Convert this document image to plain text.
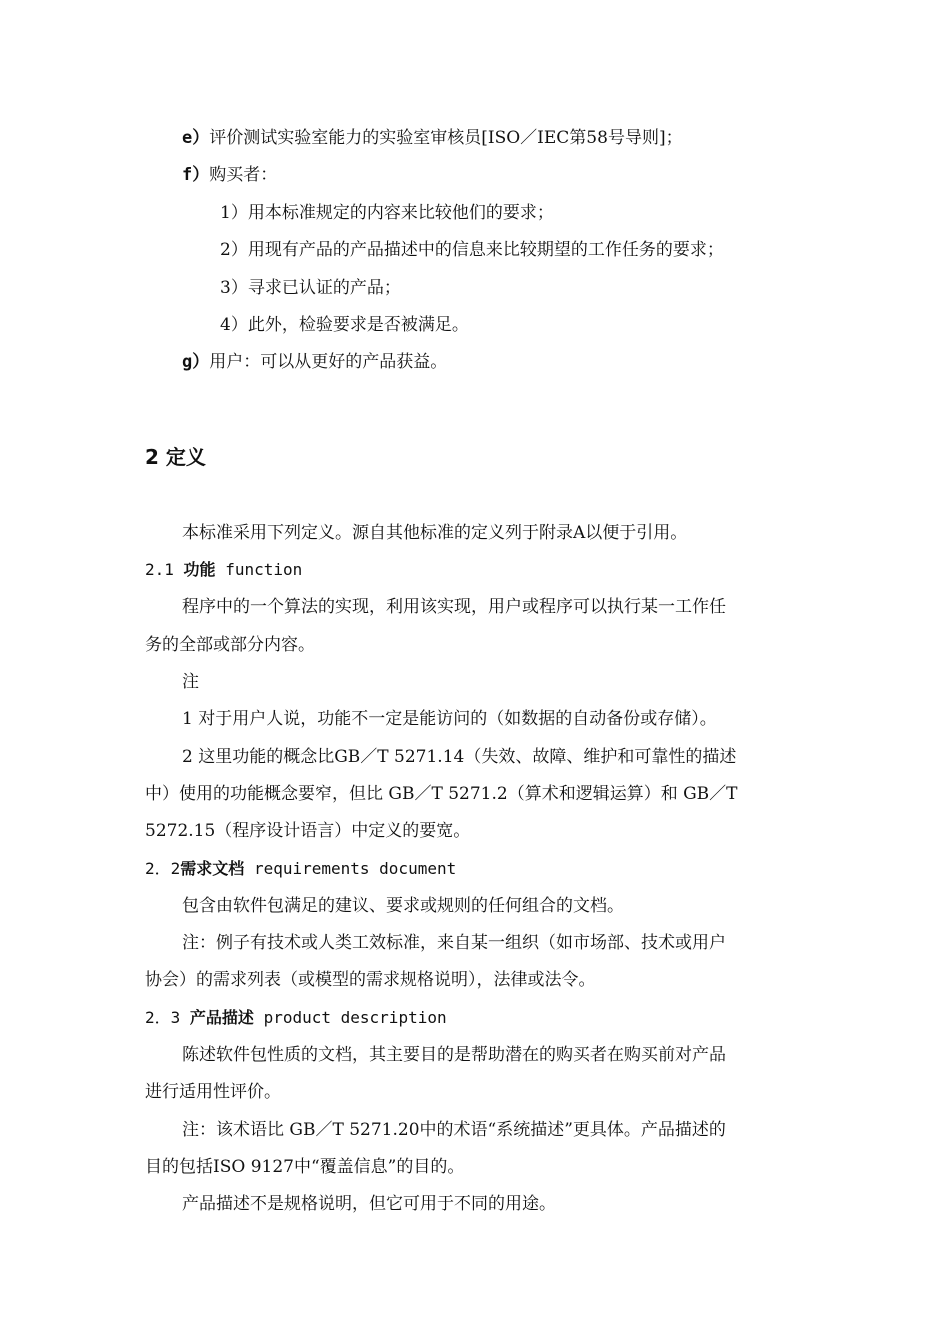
e）评价测试实验室能力的实验室审核员[ISO／IEC第58号导则]；
f）购买者：
1）用本标准规定的内容来比较他们的要求；
2）用现有产品的产品描述中的信息来比较期望的工作任务的要求；
3）寻求已认证的产品；
4）此外，检验要求是否被满足。
g）用户：可以从更好的产品获益。
2 定义
本标准采用下列定义。源自其他标准的定义列于附录A以便于引用。
2.1 功能 function
程序中的一个算法的实现，利用该实现，用户或程序可以执行某一工作任
务的全部或部分内容。
注
1 对于用户人说，功能不一定是能访问的（如数据的自动备份或存储）。
2 这里功能的概念比GB／T 5271.14（失效、故障、维护和可靠性的描述
中）使用的功能概念要窄，但比 GB／T 5271.2（算术和逻辑运算）和 GB／T
5272.15（程序设计语言）中定义的要宽。
2．2需求文档 requirements document
包含由软件包满足的建议、要求或规则的任何组合的文档。
注：例子有技术或人类工效标准，来自某一组织（如市场部、技术或用户
协会）的需求列表（或模型的需求规格说明），法律或法令。
2．3 产品描述 product description
陈述软件包性质的文档，其主要目的是帮助潜在的购买者在购买前对产品
进行适用性评价。
注：该术语比 GB／T 5271.20中的术语“系统描述”更具体。产品描述的
目的包括ISO 9127中“覆盖信息”的目的。
产品描述不是规格说明，但它可用于不同的用途。
